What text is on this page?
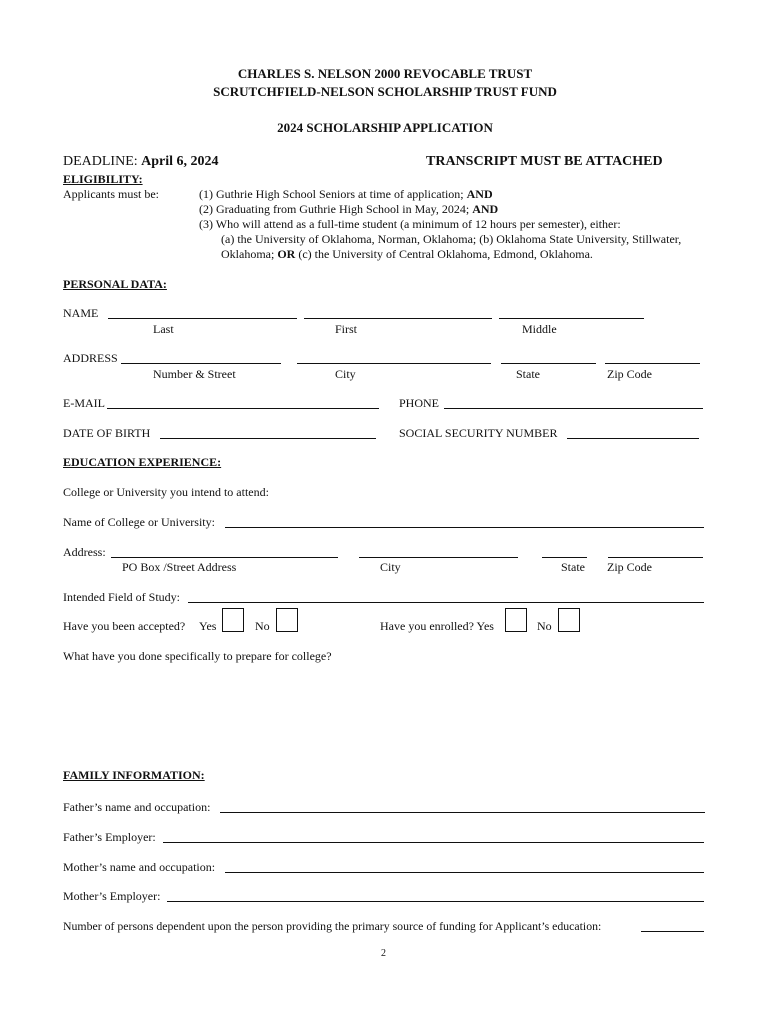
CHARLES S. NELSON 2000 REVOCABLE TRUST
SCRUTCHFIELD-NELSON SCHOLARSHIP TRUST FUND
2024 SCHOLARSHIP APPLICATION
DEADLINE: April 6, 2024	TRANSCRIPT MUST BE ATTACHED
ELIGIBILITY:
Applicants must be:	(1) Guthrie High School Seniors at time of application; AND
(2) Graduating from Guthrie High School in May, 2024; AND
(3) Who will attend as a full-time student (a minimum of 12 hours per semester), either:
(a) the University of Oklahoma, Norman, Oklahoma; (b) Oklahoma State University, Stillwater,
Oklahoma; OR (c) the University of Central Oklahoma, Edmond, Oklahoma.
PERSONAL DATA:
NAME
Last	First	Middle
ADDRESS
Number & Street	City	State	Zip Code
E-MAIL	PHONE
DATE OF BIRTH	SOCIAL SECURITY NUMBER
EDUCATION EXPERIENCE:
College or University you intend to attend:
Name of College or University:
Address:
PO Box /Street Address	City	State Zip Code
Intended Field of Study:
Have you been accepted? Yes	No	Have you enrolled? Yes	No
What have you done specifically to prepare for college?
FAMILY INFORMATION:
Father’s name and occupation:
Father’s Employer:
Mother’s name and occupation:
Mother’s Employer:
Number of persons dependent upon the person providing the primary source of funding for Applicant’s education:
2
